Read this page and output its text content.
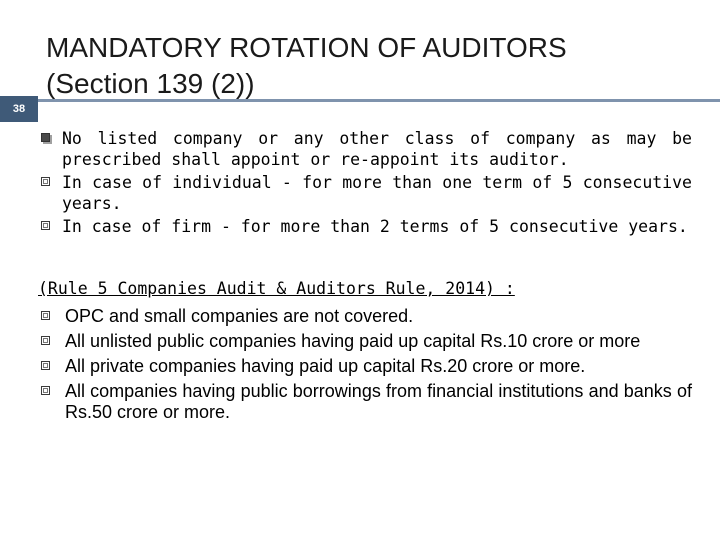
MANDATORY ROTATION OF AUDITORS
(Section 139 (2))
38
No listed company or any other class of company as may be prescribed shall appoint or re-appoint its auditor.
In case of individual - for more than one term of 5 consecutive years.
In case of firm - for more than 2 terms of 5 consecutive years.
(Rule 5 Companies Audit & Auditors Rule, 2014) :
OPC and small companies are not covered.
All unlisted public companies having paid up capital Rs.10 crore or more
All private companies having paid up capital Rs.20 crore or more.
All companies having public borrowings from financial institutions and banks of Rs.50 crore or more.
